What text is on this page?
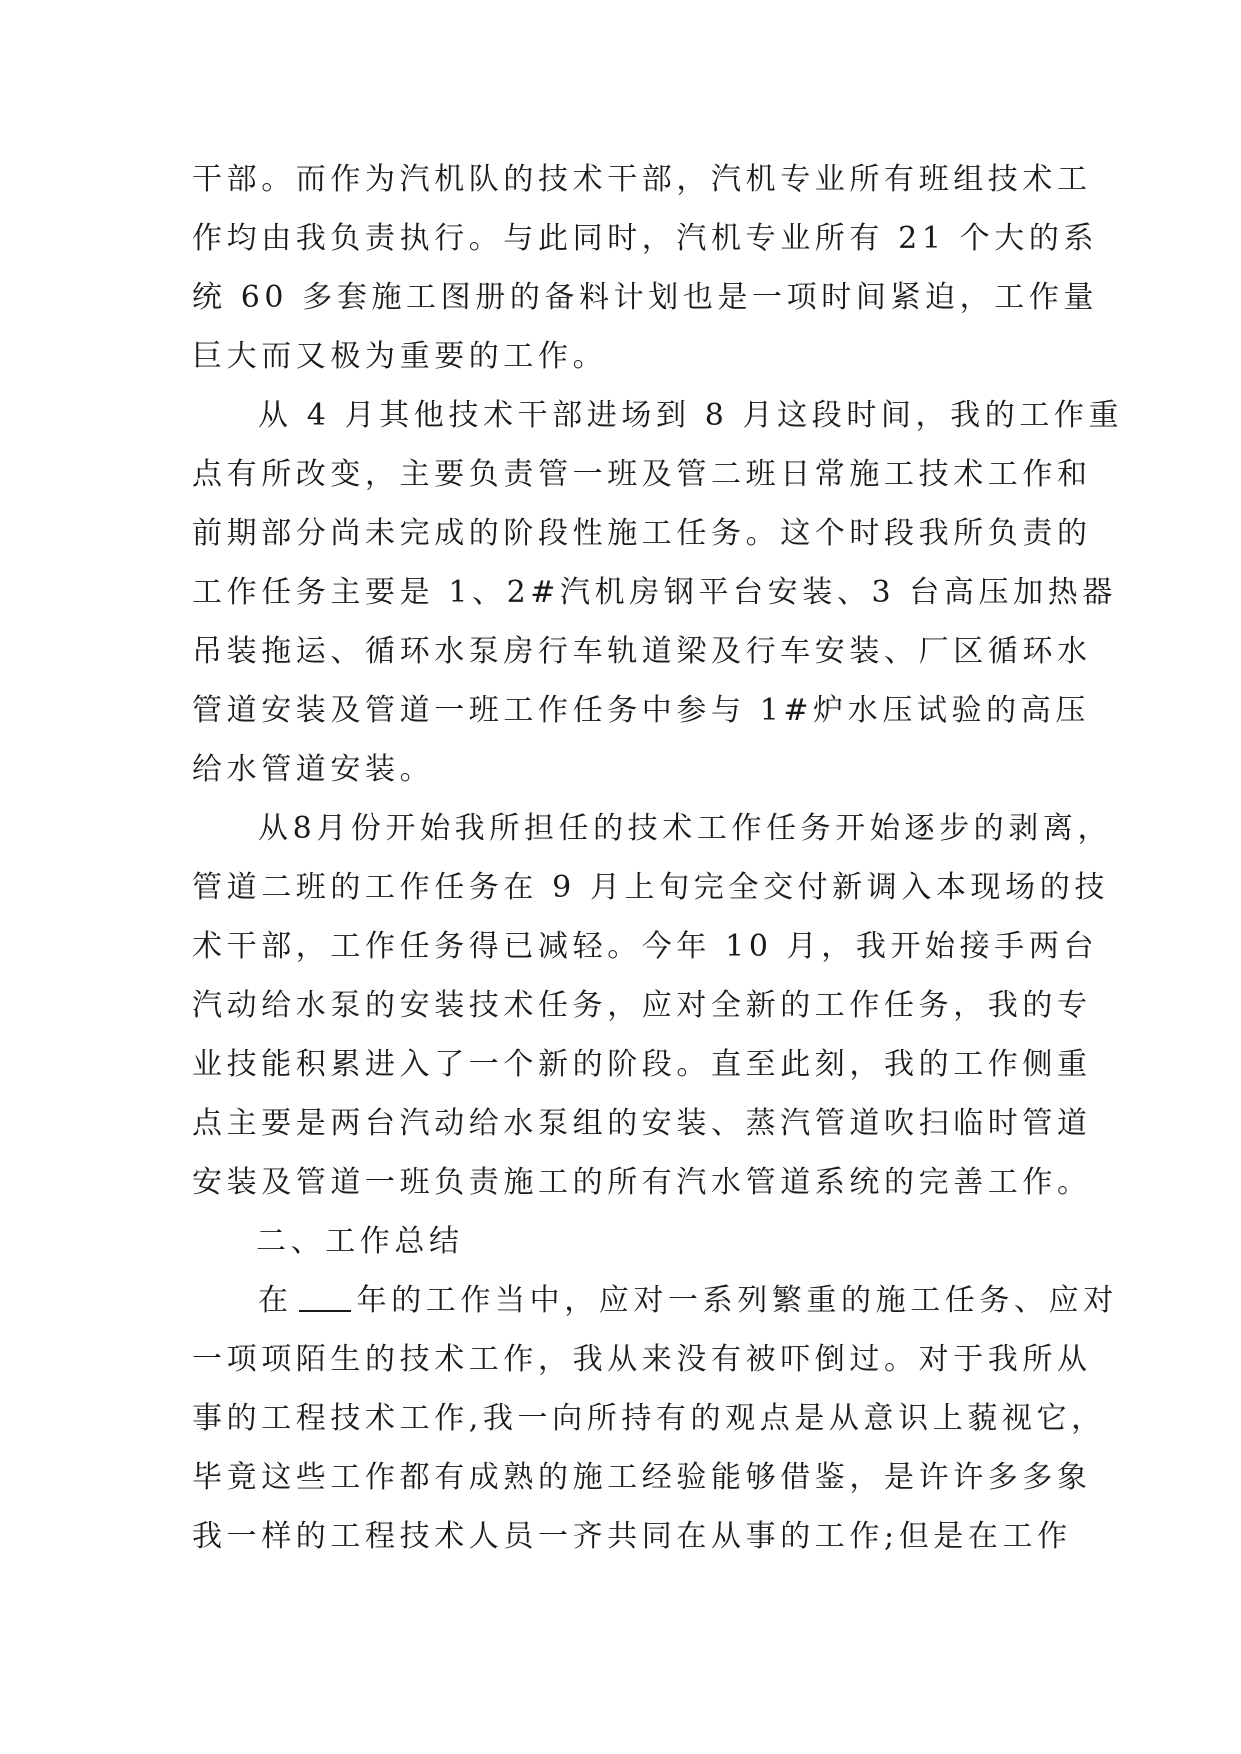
干部。而作为汽机队的技术干部，汽机专业所有班组技术工
作均由我负责执行。与此同时，汽机专业所有 21 个大的系
统 60 多套施工图册的备料计划也是一项时间紧迫，工作量
巨大而又极为重要的工作。
从 4 月其他技术干部进场到 8 月这段时间，我的工作重
点有所改变，主要负责管一班及管二班日常施工技术工作和
前期部分尚未完成的阶段性施工任务。这个时段我所负责的
工作任务主要是 1、2#汽机房钢平台安装、3 台高压加热器
吊装拖运、循环水泵房行车轨道梁及行车安装、厂区循环水
管道安装及管道一班工作任务中参与 1#炉水压试验的高压
给水管道安装。
从8月份开始我所担任的技术工作任务开始逐步的剥离，
管道二班的工作任务在 9 月上旬完全交付新调入本现场的技
术干部，工作任务得已减轻。今年 10 月，我开始接手两台
汽动给水泵的安装技术任务，应对全新的工作任务，我的专
业技能积累进入了一个新的阶段。直至此刻，我的工作侧重
点主要是两台汽动给水泵组的安装、蒸汽管道吹扫临时管道
安装及管道一班负责施工的所有汽水管道系统的完善工作。
二、工作总结
在 年的工作当中，应对一系列繁重的施工任务、应对
一项项陌生的技术工作，我从来没有被吓倒过。对于我所从
事的工程技术工作,我一向所持有的观点是从意识上藐视它，
毕竟这些工作都有成熟的施工经验能够借鉴，是许许多多象
我一样的工程技术人员一齐共同在从事的工作;但是在工作
